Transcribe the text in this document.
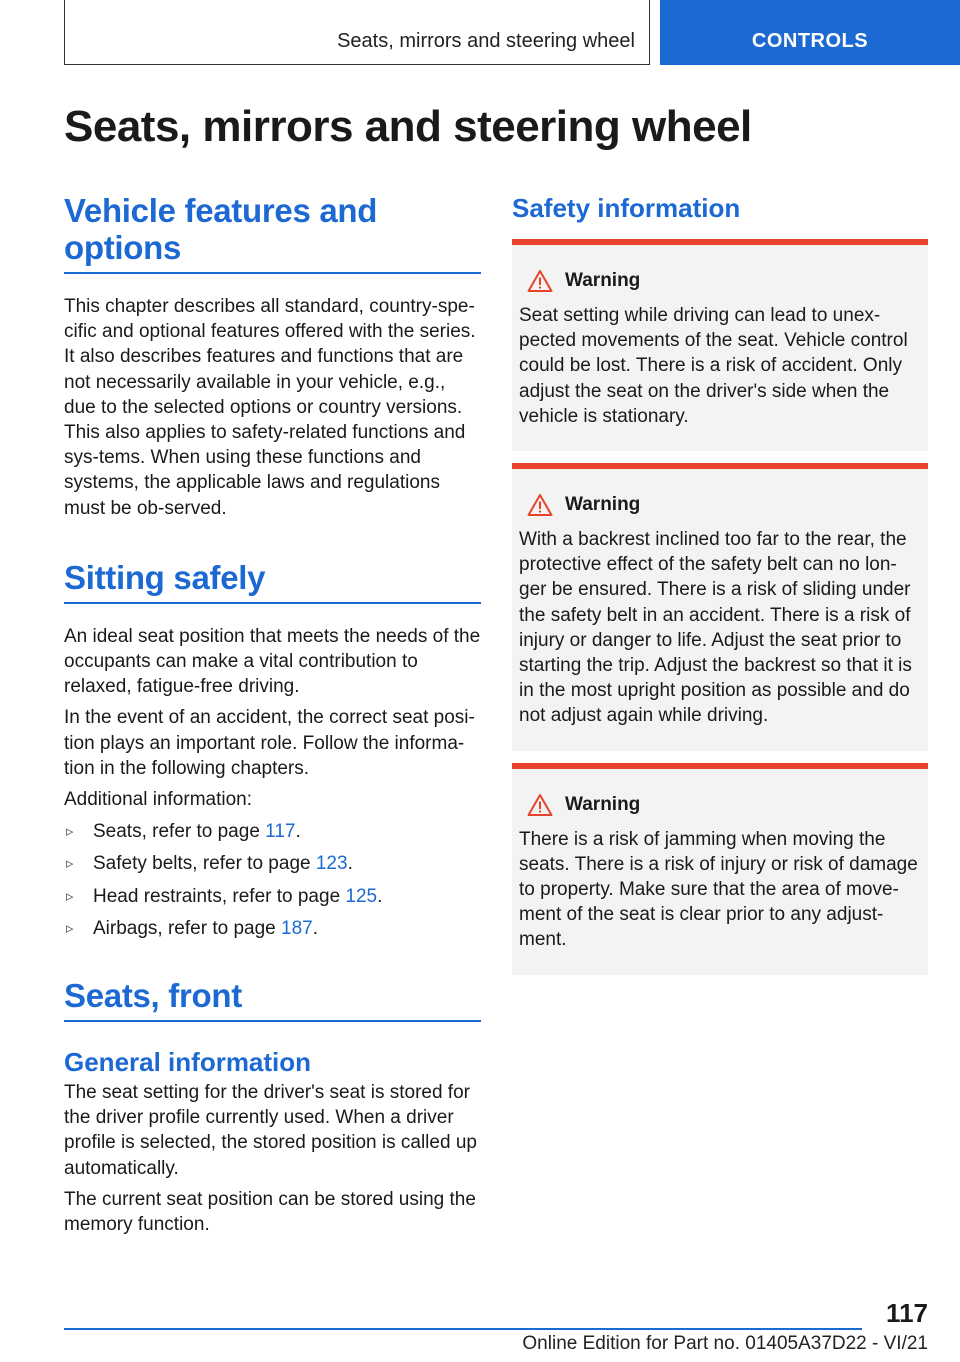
Seats, mirrors and steering wheel	CONTROLS
Seats, mirrors and steering wheel
Vehicle features and options

This chapter describes all standard, country-spe-cific and optional features offered with the series. It also describes features and functions that are not necessarily available in your vehicle, e.g., due to the selected options or country versions. This also applies to safety-related functions and sys-tems. When using these functions and systems, the applicable laws and regulations must be ob-served.

Sitting safely

An ideal seat position that meets the needs of the occupants can make a vital contribution to relaxed, fatigue-free driving.

In the event of an accident, the correct seat posi-tion plays an important role. Follow the informa-tion in the following chapters.

Additional information:

▹ Seats, refer to page 117.
▹ Safety belts, refer to page 123.
▹ Head restraints, refer to page 125.
▹ Airbags, refer to page 187.
Seats, front
General information

The seat setting for the driver's seat is stored for the driver profile currently used. When a driver profile is selected, the stored position is called up automatically.

The current seat position can be stored using the memory function.

Safety information
Warning

Seat setting while driving can lead to unex-pected movements of the seat. Vehicle control could be lost. There is a risk of accident. Only adjust the seat on the driver's side when the vehicle is stationary.

Warning

With a backrest inclined too far to the rear, the protective effect of the safety belt can no lon-ger be ensured. There is a risk of sliding under the safety belt in an accident. There is a risk of injury or danger to life. Adjust the seat prior to starting the trip. Adjust the backrest so that it is in the most upright position as possible and do not adjust again while driving.

Warning

There is a risk of jamming when moving the seats. There is a risk of injury or risk of damage to property. Make sure that the area of move-ment of the seat is clear prior to any adjust-ment.

117
Online Edition for Part no. 01405A37D22 - VI/21
